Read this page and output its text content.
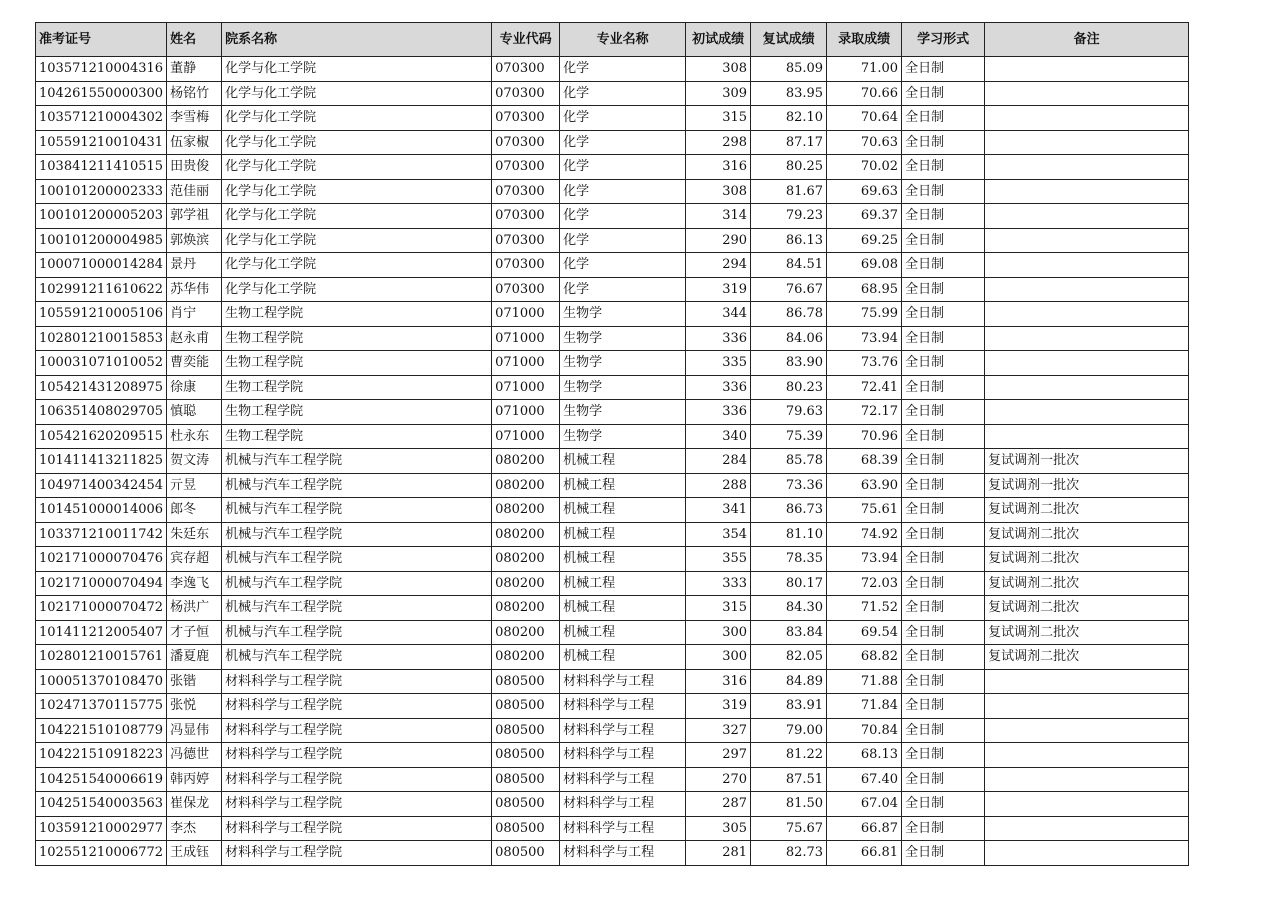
准考证号	姓名	院系名称	专业代码	专业名称	初试成绩	复试成绩	录取成绩	学习形式	备注
103571210004316	董静	化学与化工学院	070300	化学	308	85.09	71.00	全日制	
104261550000300	杨铭竹	化学与化工学院	070300	化学	309	83.95	70.66	全日制	
103571210004302	李雪梅	化学与化工学院	070300	化学	315	82.10	70.64	全日制	
105591210010431	伍家椒	化学与化工学院	070300	化学	298	87.17	70.63	全日制	
103841211410515	田贵俊	化学与化工学院	070300	化学	316	80.25	70.02	全日制	
100101200002333	范佳丽	化学与化工学院	070300	化学	308	81.67	69.63	全日制	
100101200005203	郭学祖	化学与化工学院	070300	化学	314	79.23	69.37	全日制	
100101200004985	郭焕滨	化学与化工学院	070300	化学	290	86.13	69.25	全日制	
100071000014284	景丹	化学与化工学院	070300	化学	294	84.51	69.08	全日制	
102991211610622	苏华伟	化学与化工学院	070300	化学	319	76.67	68.95	全日制	
105591210005106	肖宁	生物工程学院	071000	生物学	344	86.78	75.99	全日制	
102801210015853	赵永甫	生物工程学院	071000	生物学	336	84.06	73.94	全日制	
100031071010052	曹奕能	生物工程学院	071000	生物学	335	83.90	73.76	全日制	
105421431208975	徐康	生物工程学院	071000	生物学	336	80.23	72.41	全日制	
106351408029705	慎聪	生物工程学院	071000	生物学	336	79.63	72.17	全日制	
105421620209515	杜永东	生物工程学院	071000	生物学	340	75.39	70.96	全日制	
101411413211825	贺文涛	机械与汽车工程学院	080200	机械工程	284	85.78	68.39	全日制	复试调剂一批次
104971400342454	亓昱	机械与汽车工程学院	080200	机械工程	288	73.36	63.90	全日制	复试调剂一批次
101451000014006	郎冬	机械与汽车工程学院	080200	机械工程	341	86.73	75.61	全日制	复试调剂二批次
103371210011742	朱廷东	机械与汽车工程学院	080200	机械工程	354	81.10	74.92	全日制	复试调剂二批次
102171000070476	宾存超	机械与汽车工程学院	080200	机械工程	355	78.35	73.94	全日制	复试调剂二批次
102171000070494	李逸飞	机械与汽车工程学院	080200	机械工程	333	80.17	72.03	全日制	复试调剂二批次
102171000070472	杨洪广	机械与汽车工程学院	080200	机械工程	315	84.30	71.52	全日制	复试调剂二批次
101411212005407	才子恒	机械与汽车工程学院	080200	机械工程	300	83.84	69.54	全日制	复试调剂二批次
102801210015761	潘夏鹿	机械与汽车工程学院	080200	机械工程	300	82.05	68.82	全日制	复试调剂二批次
100051370108470	张锴	材料科学与工程学院	080500	材料科学与工程	316	84.89	71.88	全日制	
102471370115775	张悦	材料科学与工程学院	080500	材料科学与工程	319	83.91	71.84	全日制	
104221510108779	冯显伟	材料科学与工程学院	080500	材料科学与工程	327	79.00	70.84	全日制	
104221510918223	冯德世	材料科学与工程学院	080500	材料科学与工程	297	81.22	68.13	全日制	
104251540006619	韩丙婷	材料科学与工程学院	080500	材料科学与工程	270	87.51	67.40	全日制	
104251540003563	崔保龙	材料科学与工程学院	080500	材料科学与工程	287	81.50	67.04	全日制	
103591210002977	李杰	材料科学与工程学院	080500	材料科学与工程	305	75.67	66.87	全日制	
102551210006772	王成钰	材料科学与工程学院	080500	材料科学与工程	281	82.73	66.81	全日制	
